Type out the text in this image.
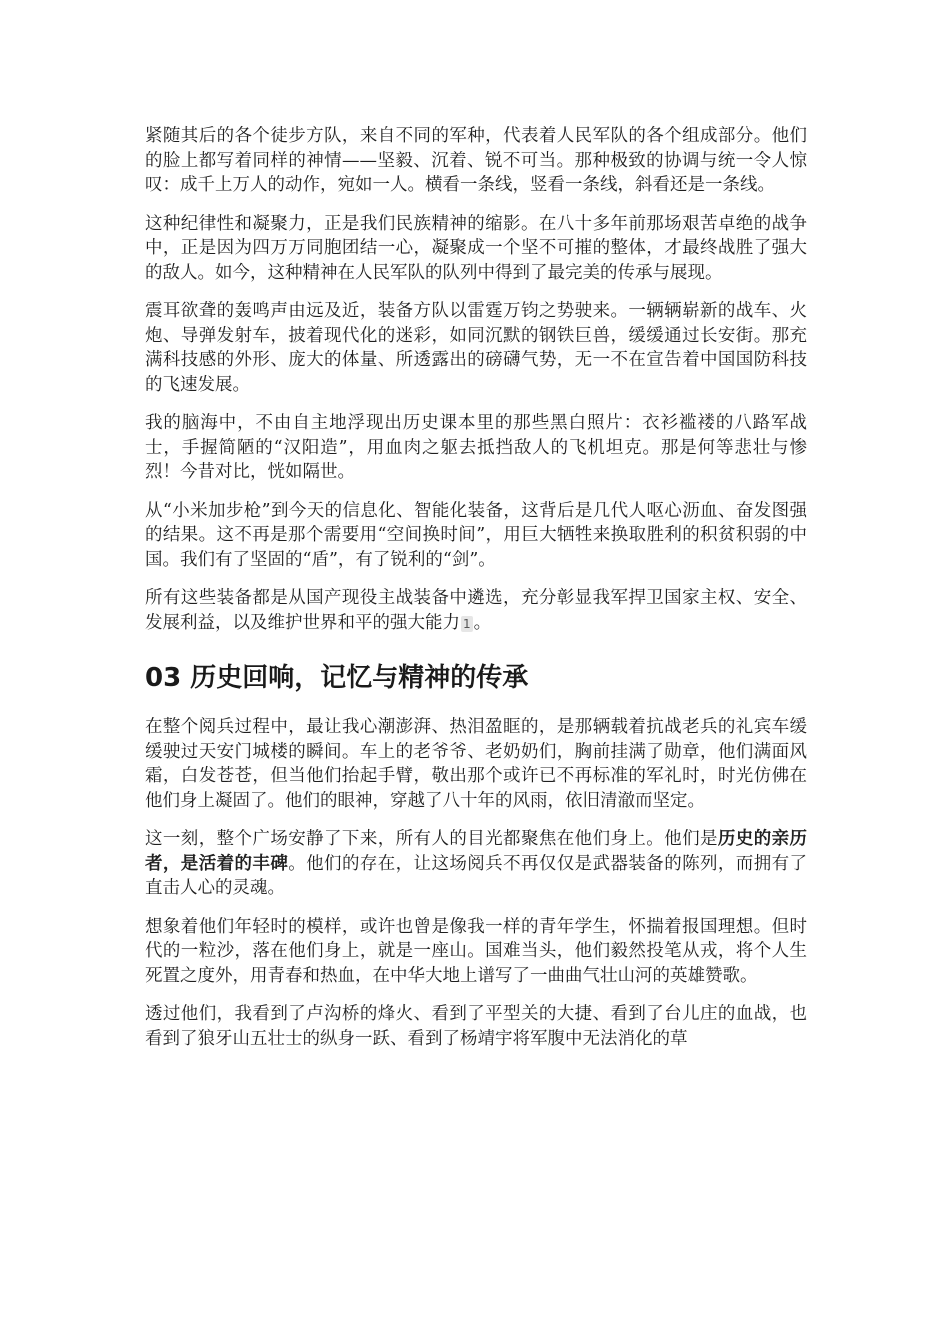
紧随其后的各个徒步方队，来自不同的军种，代表着人民军队的各个组成部分。他们的脸上都写着同样的神情——坚毅、沉着、锐不可当。那种极致的协调与统一令人惊叹：成千上万人的动作，宛如一人。横看一条线，竖看一条线，斜看还是一条线。

这种纪律性和凝聚力，正是我们民族精神的缩影。在八十多年前那场艰苦卓绝的战争中，正是因为四万万同胞团结一心，凝聚成一个坚不可摧的整体，才最终战胜了强大的敌人。如今，这种精神在人民军队的队列中得到了最完美的传承与展现。

震耳欲聋的轰鸣声由远及近，装备方队以雷霆万钧之势驶来。一辆辆崭新的战车、火炮、导弹发射车，披着现代化的迷彩，如同沉默的钢铁巨兽，缓缓通过长安街。那充满科技感的外形、庞大的体量、所透露出的磅礴气势，无一不在宣告着中国国防科技的飞速发展。

我的脑海中，不由自主地浮现出历史课本里的那些黑白照片：衣衫褴褛的八路军战士，手握简陋的“汉阳造”，用血肉之躯去抵挡敌人的飞机坦克。那是何等悲壮与惨烈！今昔对比，恍如隔世。

从“小米加步枪”到今天的信息化、智能化装备，这背后是几代人呕心沥血、奋发图强的结果。这不再是那个需要用“空间换时间”，用巨大牺牲来换取胜利的积贫积弱的中国。我们有了坚固的“盾”，有了锐利的“剑”。

所有这些装备都是从国产现役主战装备中遴选，充分彰显我军捍卫国家主权、安全、发展利益，以及维护世界和平的强大能力 1 。

03 历史回响，记忆与精神的传承

在整个阅兵过程中，最让我心潮澎湃、热泪盈眶的，是那辆载着抗战老兵的礼宾车缓缓驶过天安门城楼的瞬间。车上的老爷爷、老奶奶们，胸前挂满了勋章，他们满面风霜，白发苍苍，但当他们抬起手臂，敬出那个或许已不再标准的军礼时，时光仿佛在他们身上凝固了。他们的眼神，穿越了八十年的风雨，依旧清澈而坚定。

这一刻，整个广场安静了下来，所有人的目光都聚焦在他们身上。他们是历史的亲历者，是活着的丰碑。他们的存在，让这场阅兵不再仅仅是武器装备的陈列，而拥有了直击人心的灵魂。

想象着他们年轻时的模样，或许也曾是像我一样的青年学生，怀揣着报国理想。但时代的一粒沙，落在他们身上，就是一座山。国难当头，他们毅然投笔从戎，将个人生死置之度外，用青春和热血，在中华大地上谱写了一曲曲气壮山河的英雄赞歌。

透过他们，我看到了卢沟桥的烽火、看到了平型关的大捷、看到了台儿庄的血战，也看到了狼牙山五壮士的纵身一跃、看到了杨靖宇将军腹中无法消化的草
